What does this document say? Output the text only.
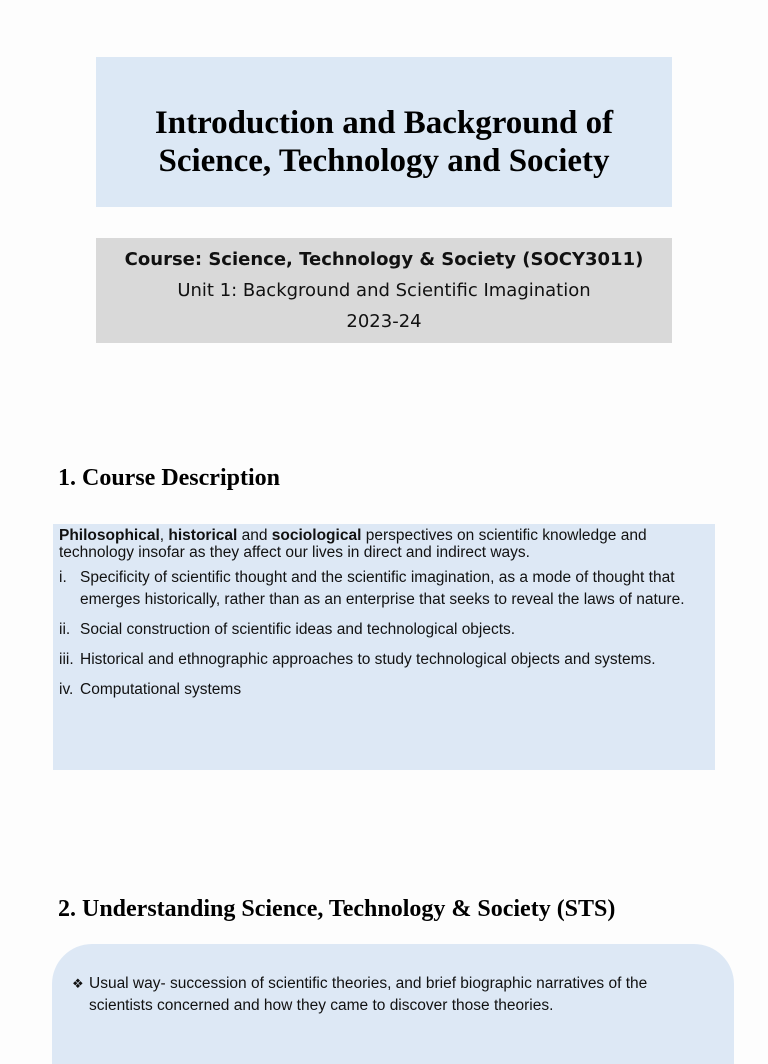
Introduction and Background of
Science, Technology and Society
Course: Science, Technology & Society (SOCY3011)
Unit 1: Background and Scientific Imagination
2023-24
1. Course Description

Philosophical, historical and sociological perspectives on scientific knowledge and technology insofar as they affect our lives in direct and indirect ways.

i. Specificity of scientific thought and the scientific imagination, as a mode of thought that emerges historically, rather than as an enterprise that seeks to reveal the laws of nature.
ii. Social construction of scientific ideas and technological objects.
iii. Historical and ethnographic approaches to study technological objects and systems.
iv. Computational systems
2. Understanding Science, Technology & Society (STS)
❖ Usual way- succession of scientific theories, and brief biographic narratives of the scientists concerned and how they came to discover those theories.
